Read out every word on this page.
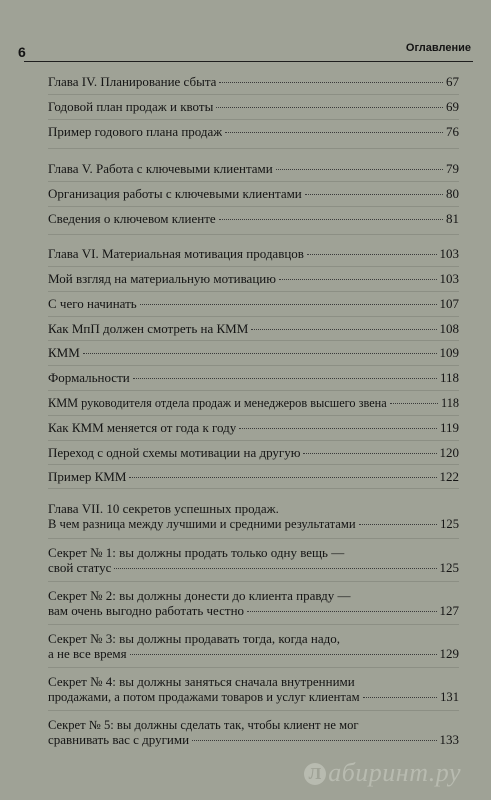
6	Оглавление
Глава IV. Планирование сбыта	67
Годовой план продаж и квоты	69
Пример годового плана продаж	76
Глава V. Работа с ключевыми клиентами	79
Организация работы с ключевыми клиентами	80
Сведения о ключевом клиенте	81
Глава VI. Материальная мотивация продавцов	103
Мой взгляд на материальную мотивацию	103
С чего начинать	107
Как МпП должен смотреть на КММ	108
КММ	109
Формальности	118
КММ руководителя отдела продаж и менеджеров высшего звена	118
Как КММ меняется от года к году	119
Переход с одной схемы мотивации на другую	120
Пример КММ	122
Глава VII. 10 секретов успешных продаж.
В чем разница между лучшими и средними результатами	125
Секрет № 1: вы должны продать только одну вещь —
свой статус	125
Секрет № 2: вы должны донести до клиента правду —
вам очень выгодно работать честно	127
Секрет № 3: вы должны продавать тогда, когда надо,
а не все время	129
Секрет № 4: вы должны заняться сначала внутренними
продажами, а потом продажами товаров и услуг клиентам	131
Секрет № 5: вы должны сделать так, чтобы клиент не мог
сравнивать вас с другими	133
Л абиринт.ру
